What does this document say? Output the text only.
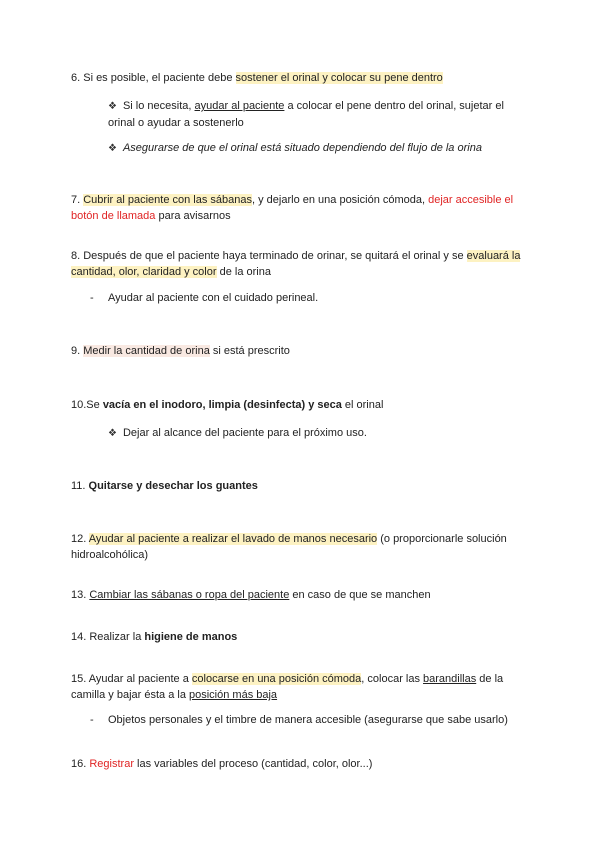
6. Si es posible, el paciente debe sostener el orinal y colocar su pene dentro
❖ Si lo necesita, ayudar al paciente a colocar el pene dentro del orinal, sujetar el orinal o ayudar a sostenerlo
❖ Asegurarse de que el orinal está situado dependiendo del flujo de la orina
7. Cubrir al paciente con las sábanas, y dejarlo en una posición cómoda, dejar accesible el botón de llamada para avisarnos
8. Después de que el paciente haya terminado de orinar, se quitará el orinal y se evaluará la cantidad, olor, claridad y color de la orina
- Ayudar al paciente con el cuidado perineal.
9. Medir la cantidad de orina si está prescrito
10.Se vacía en el inodoro, limpia (desinfecta) y seca el orinal
❖ Dejar al alcance del paciente para el próximo uso.
11. Quitarse y desechar los guantes
12. Ayudar al paciente a realizar el lavado de manos necesario (o proporcionarle solución hidroalcohólica)
13. Cambiar las sábanas o ropa del paciente en caso de que se manchen
14. Realizar la higiene de manos
15. Ayudar al paciente a colocarse en una posición cómoda, colocar las barandillas de la camilla y bajar ésta a la posición más baja
- Objetos personales y el timbre de manera accesible (asegurarse que sabe usarlo)
16. Registrar las variables del proceso (cantidad, color, olor...)
